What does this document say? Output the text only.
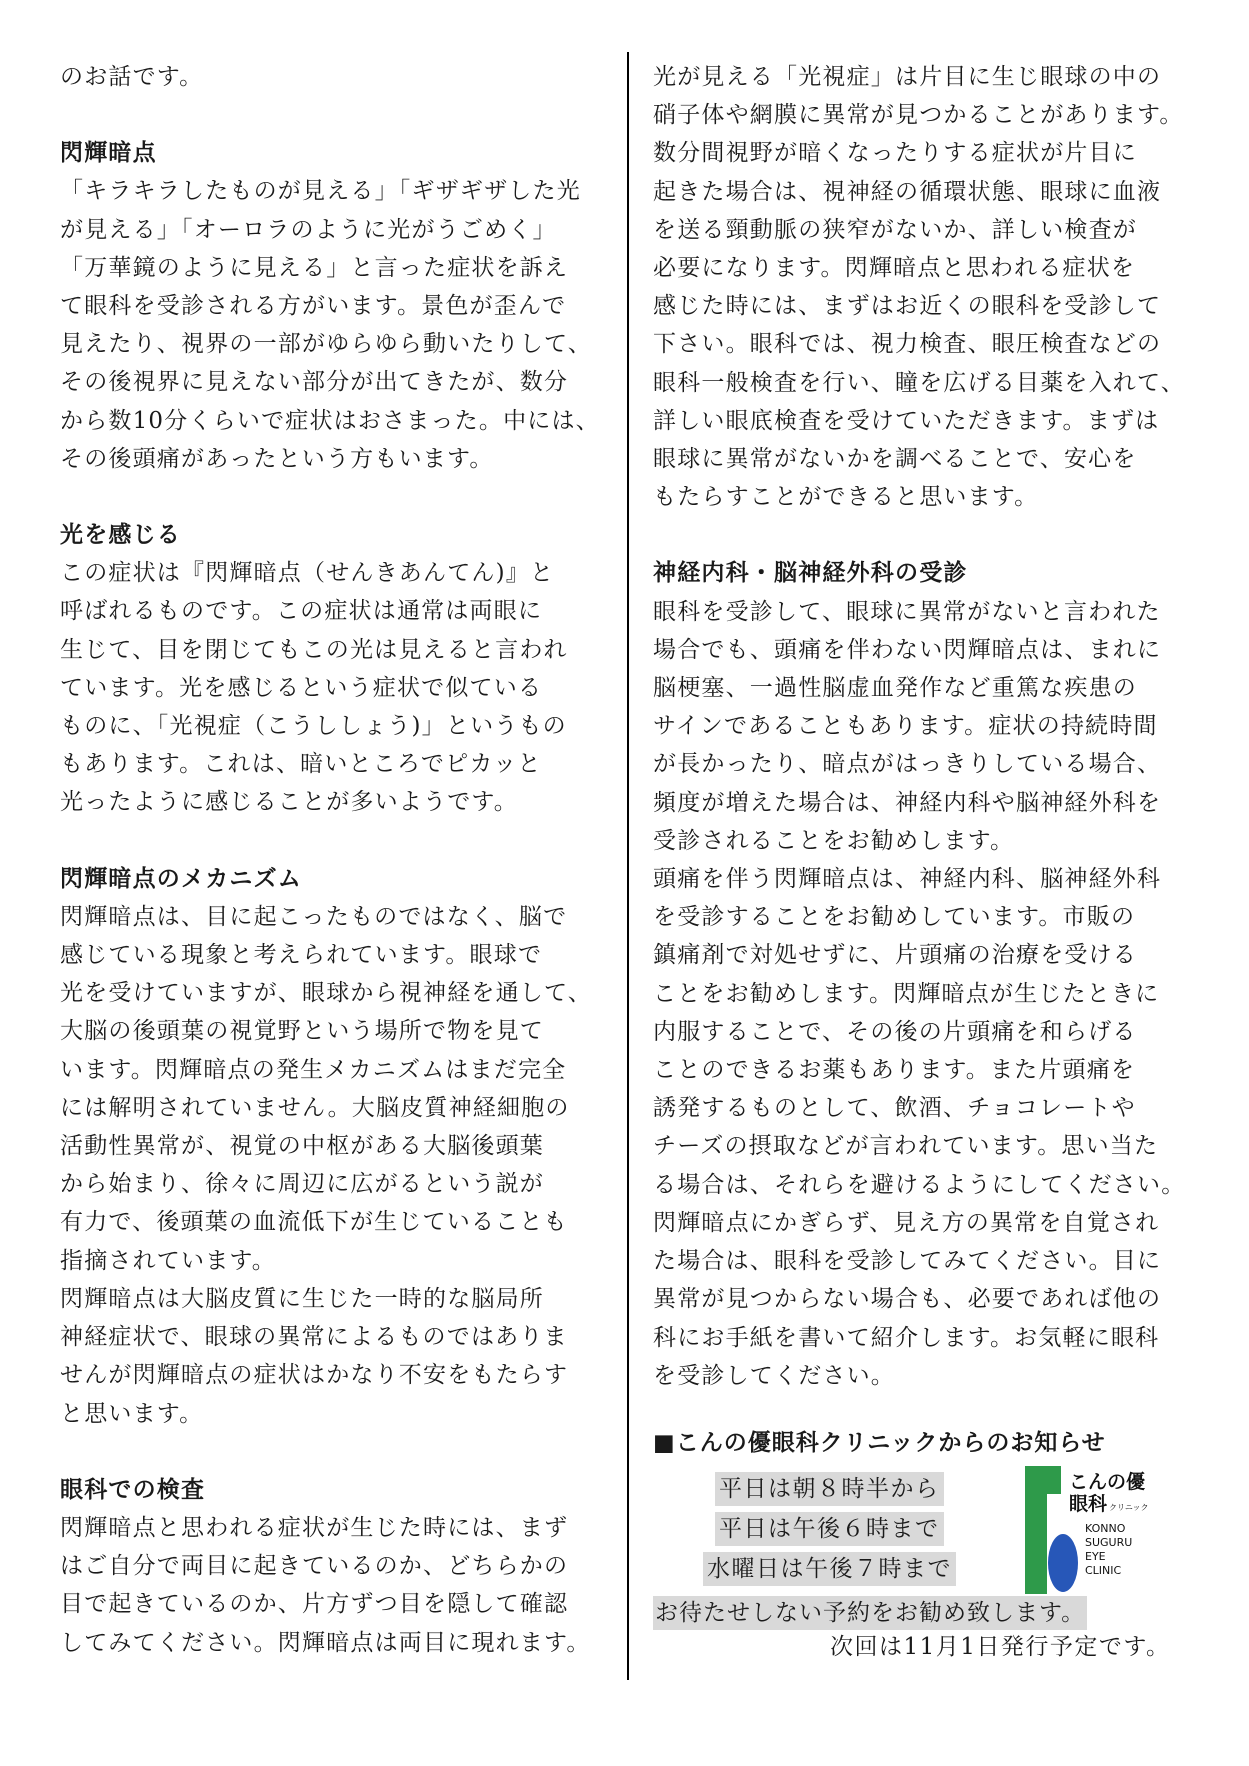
のお話です。
閃輝暗点
「キラキラしたものが見える」「ギザギザした光
が見える」「オーロラのように光がうごめく」
「万華鏡のように見える」と言った症状を訴え
て眼科を受診される方がいます。景色が歪んで
見えたり、視界の一部がゆらゆら動いたりして、
その後視界に見えない部分が出てきたが、数分
から数10分くらいで症状はおさまった。中には、
その後頭痛があったという方もいます。
光を感じる
この症状は『閃輝暗点（せんきあんてん)』と
呼ばれるものです。この症状は通常は両眼に
生じて、目を閉じてもこの光は見えると言われ
ています。光を感じるという症状で似ている
ものに、「光視症（こうししょう)」というもの
もあります。これは、暗いところでピカッと
光ったように感じることが多いようです。
閃輝暗点のメカニズム
閃輝暗点は、目に起こったものではなく、脳で
感じている現象と考えられています。眼球で
光を受けていますが、眼球から視神経を通して、
大脳の後頭葉の視覚野という場所で物を見て
います。閃輝暗点の発生メカニズムはまだ完全
には解明されていません。大脳皮質神経細胞の
活動性異常が、視覚の中枢がある大脳後頭葉
から始まり、徐々に周辺に広がるという説が
有力で、後頭葉の血流低下が生じていることも
指摘されています。
閃輝暗点は大脳皮質に生じた一時的な脳局所
神経症状で、眼球の異常によるものではありま
せんが閃輝暗点の症状はかなり不安をもたらす
と思います。
眼科での検査
閃輝暗点と思われる症状が生じた時には、まず
はご自分で両目に起きているのか、どちらかの
目で起きているのか、片方ずつ目を隠して確認
してみてください。閃輝暗点は両目に現れます。
光が見える「光視症」は片目に生じ眼球の中の
硝子体や網膜に異常が見つかることがあります。
数分間視野が暗くなったりする症状が片目に
起きた場合は、視神経の循環状態、眼球に血液
を送る頸動脈の狭窄がないか、詳しい検査が
必要になります。閃輝暗点と思われる症状を
感じた時には、まずはお近くの眼科を受診して
下さい。眼科では、視力検査、眼圧検査などの
眼科一般検査を行い、瞳を広げる目薬を入れて、
詳しい眼底検査を受けていただきます。まずは
眼球に異常がないかを調べることで、安心を
もたらすことができると思います。
神経内科・脳神経外科の受診
眼科を受診して、眼球に異常がないと言われた
場合でも、頭痛を伴わない閃輝暗点は、まれに
脳梗塞、一過性脳虚血発作など重篤な疾患の
サインであることもあります。症状の持続時間
が長かったり、暗点がはっきりしている場合、
頻度が増えた場合は、神経内科や脳神経外科を
受診されることをお勧めします。
頭痛を伴う閃輝暗点は、神経内科、脳神経外科
を受診することをお勧めしています。市販の
鎮痛剤で対処せずに、片頭痛の治療を受ける
ことをお勧めします。閃輝暗点が生じたときに
内服することで、その後の片頭痛を和らげる
ことのできるお薬もあります。また片頭痛を
誘発するものとして、飲酒、チョコレートや
チーズの摂取などが言われています。思い当た
る場合は、それらを避けるようにしてください。
閃輝暗点にかぎらず、見え方の異常を自覚され
た場合は、眼科を受診してみてください。目に
異常が見つからない場合も、必要であれば他の
科にお手紙を書いて紹介します。お気軽に眼科
を受診してください。
■こんの優眼科クリニックからのお知らせ
平日は朝８時半から
平日は午後６時まで
水曜日は午後７時まで
お待たせしない予約をお勧め致します。
こんの優
眼科 クリニック
KONNO
SUGURU
EYE
CLINIC
次回は11月1日発行予定です。
